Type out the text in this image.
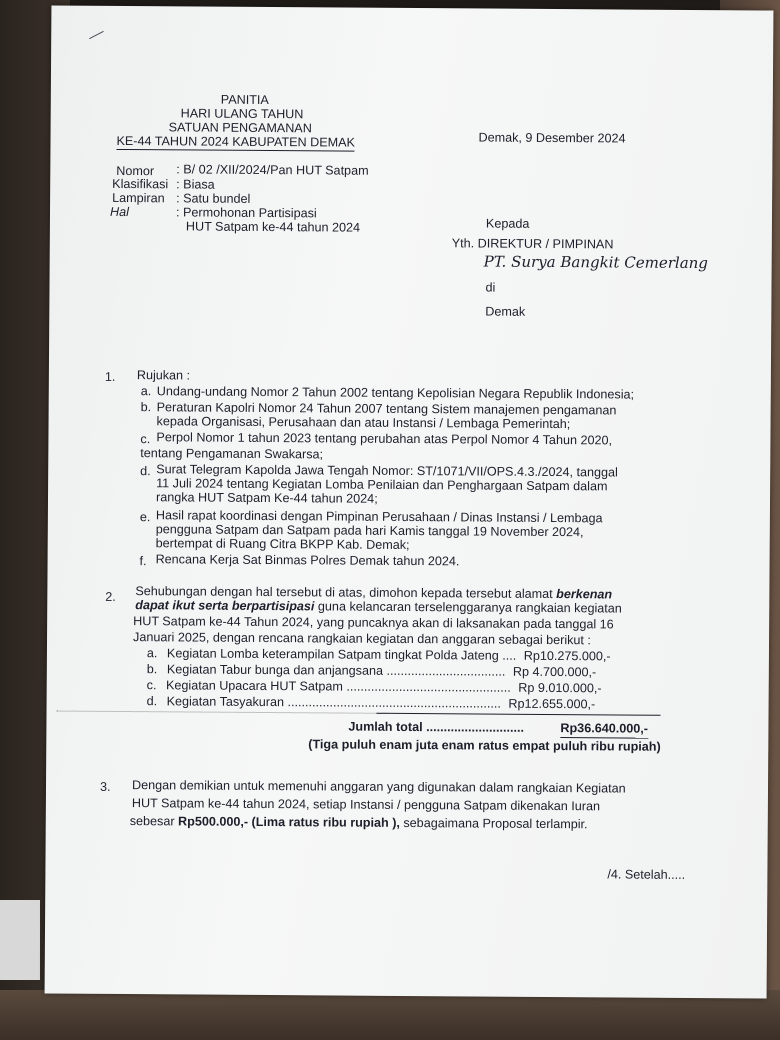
PANITIA
HARI ULANG TAHUN
SATUAN PENGAMANAN
KE-44 TAHUN 2024 KABUPATEN DEMAK	Demak, 9 Desember 2024
Nomor : B/ 02 /XII/2024/Pan HUT Satpam
Klasifikasi : Biasa
Lampiran : Satu bundel
Hal	: Permohonan Partisipasi
HUT Satpam ke-44 tahun 2024	Kepada
Yth. DIREKTUR / PIMPINAN
PT. Surya Bangkit Cemerlang
di
Demak
1. Rujukan :
a. Undang-undang Nomor 2 Tahun 2002 tentang Kepolisian Negara Republik Indonesia;
b. Peraturan Kapolri Nomor 24 Tahun 2007 tentang Sistem manajemen pengamanan
kepada Organisasi, Perusahaan dan atau Instansi / Lembaga Pemerintah;
c. Perpol Nomor 1 tahun 2023 tentang perubahan atas Perpol Nomor 4 Tahun 2020,
tentang Pengamanan Swakarsa;
d. Surat Telegram Kapolda Jawa Tengah Nomor: ST/1071/VII/OPS.4.3./2024, tanggal
11 Juli 2024 tentang Kegiatan Lomba Penilaian dan Penghargaan Satpam dalam
rangka HUT Satpam Ke-44 tahun 2024;
e. Hasil rapat koordinasi dengan Pimpinan Perusahaan / Dinas Instansi / Lembaga
pengguna Satpam dan Satpam pada hari Kamis tanggal 19 November 2024,
bertempat di Ruang Citra BKPP Kab. Demak;
f. Rencana Kerja Sat Binmas Polres Demak tahun 2024.
2. Sehubungan dengan hal tersebut di atas, dimohon kepada tersebut alamat berkenan
dapat ikut serta berpartisipasi guna kelancaran terselenggaranya rangkaian kegiatan
HUT Satpam ke-44 Tahun 2024, yang puncaknya akan di laksanakan pada tanggal 16
Januari 2025, dengan rencana rangkaian kegiatan dan anggaran sebagai berikut :
a. Kegiatan Lomba keterampilan Satpam tingkat Polda Jateng .... Rp10.275.000,-
b. Kegiatan Tabur bunga dan anjangsana .................................. Rp 4.700.000,-
c. Kegiatan Upacara HUT Satpam ............................................... Rp 9.010.000,-
d. Kegiatan Tasyakuran ............................................................. Rp12.655.000,-
Jumlah total ............................	Rp36.640.000,-
(Tiga puluh enam juta enam ratus empat puluh ribu rupiah)
3. Dengan demikian untuk memenuhi anggaran yang digunakan dalam rangkaian Kegiatan
HUT Satpam ke-44 tahun 2024, setiap Instansi / pengguna Satpam dikenakan Iuran
sebesar Rp500.000,- (Lima ratus ribu rupiah ), sebagaimana Proposal terlampir.
/4. Setelah.....
